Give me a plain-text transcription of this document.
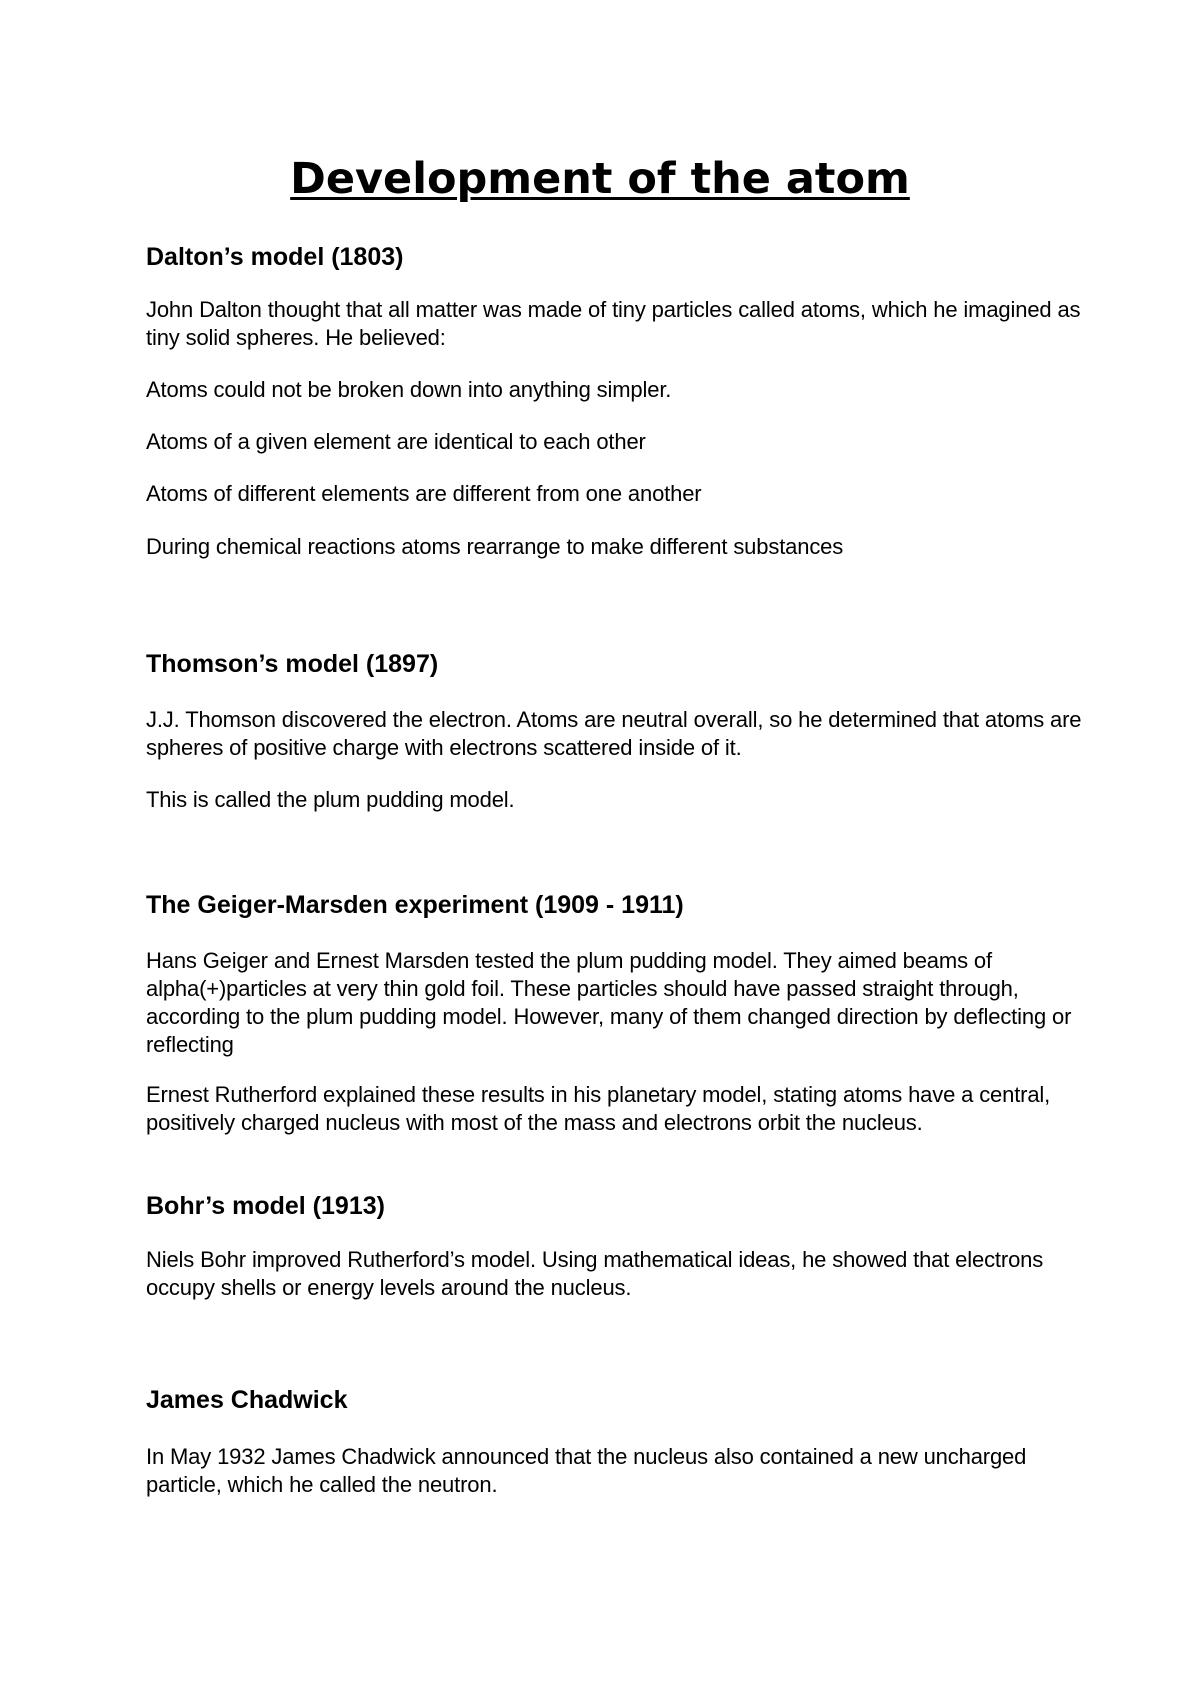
Development of the atom
Dalton’s model (1803)

John Dalton thought that all matter was made of tiny particles called atoms, which he imagined as tiny solid spheres. He believed:

Atoms could not be broken down into anything simpler.

Atoms of a given element are identical to each other

Atoms of different elements are different from one another

During chemical reactions atoms rearrange to make different substances

Thomson’s model (1897)

J.J. Thomson discovered the electron. Atoms are neutral overall, so he determined that atoms are spheres of positive charge with electrons scattered inside of it.

This is called the plum pudding model.

The Geiger-Marsden experiment (1909 - 1911)

Hans Geiger and Ernest Marsden tested the plum pudding model. They aimed beams of alpha(+)particles at very thin gold foil. These particles should have passed straight through, according to the plum pudding model. However, many of them changed direction by deflecting or reflecting

Ernest Rutherford explained these results in his planetary model, stating atoms have a central, positively charged nucleus with most of the mass and electrons orbit the nucleus.

Bohr’s model (1913)

Niels Bohr improved Rutherford’s model. Using mathematical ideas, he showed that electrons occupy shells or energy levels around the nucleus.

James Chadwick

In May 1932 James Chadwick announced that the nucleus also contained a new uncharged particle, which he called the neutron.
